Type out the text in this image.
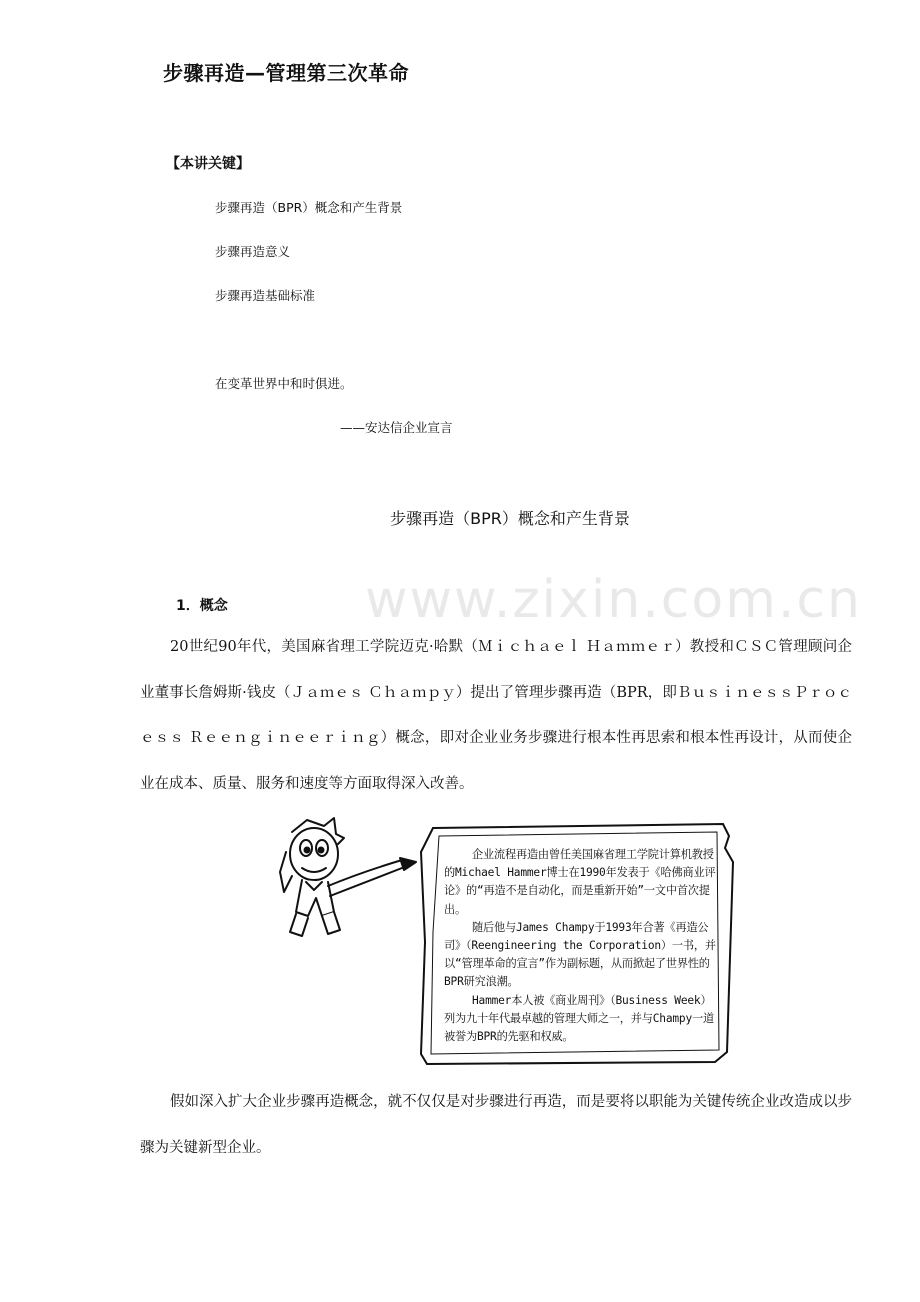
www.zixin.com.cn
步骤再造—管理第三次革命
【本讲关键】
步骤再造（BPR）概念和产生背景
步骤再造意义
步骤再造基础标准
在变革世界中和时俱进。
——安达信企业宣言
步骤再造（BPR）概念和产生背景
1．概念

20世纪90年代，美国麻省理工学院迈克·哈默（Ｍｉｃｈａｅｌ Ｈａｍｍｅｒ）教授和ＣＳＣ管理顾问企业董事长詹姆斯·钱皮（Ｊａｍｅｓ Ｃｈａｍｐｙ）提出了管理步骤再造（BPR，即ＢｕｓｉｎｅｓｓＰｒｏｃｅｓｓ Ｒｅｅｎｇｉｎｅｅｒｉｎｇ）概念，即对企业业务步骤进行根本性再思索和根本性再设计，从而使企业在成本、质量、服务和速度等方面取得深入改善。

企业流程再造由曾任美国麻省理工学院计算机教授的Michael Hammer博士在1990年发表于《哈佛商业评论》的“再造不是自动化，而是重新开始”一文中首次提出。

随后他与James Champy于1993年合著《再造公司》（Reengineering the Corporation）一书，并以“管理革命的宣言”作为副标题，从而掀起了世界性的BPR研究浪潮。

Hammer本人被《商业周刊》（Business Week）列为九十年代最卓越的管理大师之一，并与Champy一道被誉为BPR的先驱和权威。

假如深入扩大企业步骤再造概念，就不仅仅是对步骤进行再造，而是要将以职能为关键传统企业改造成以步骤为关键新型企业。
